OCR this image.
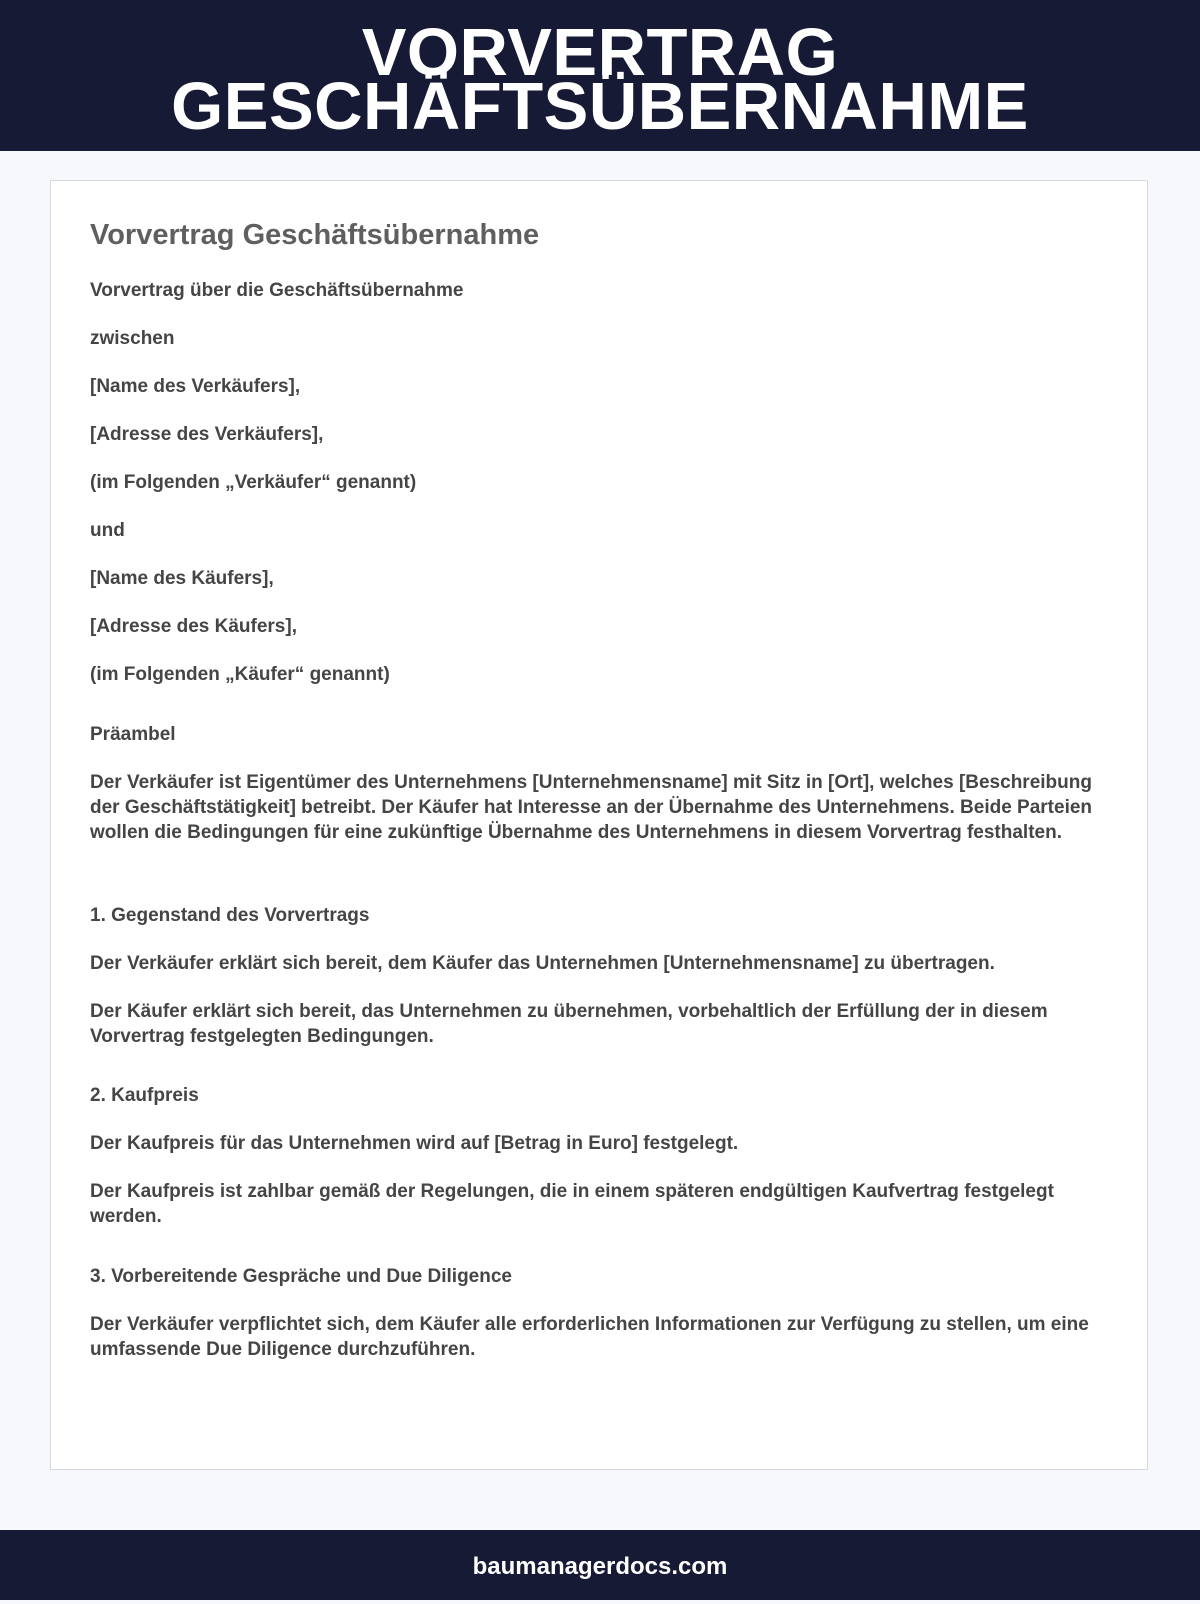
VORVERTRAG
GESCHÄFTSÜBERNAHME
Vorvertrag Geschäftsübernahme

Vorvertrag über die Geschäftsübernahme

zwischen

[Name des Verkäufers],

[Adresse des Verkäufers],

(im Folgenden „Verkäufer“ genannt)

und

[Name des Käufers],

[Adresse des Käufers],

(im Folgenden „Käufer“ genannt)

Präambel

Der Verkäufer ist Eigentümer des Unternehmens [Unternehmensname] mit Sitz in [Ort], welches [Beschreibung der Geschäftstätigkeit] betreibt. Der Käufer hat Interesse an der Übernahme des Unternehmens. Beide Parteien wollen die Bedingungen für eine zukünftige Übernahme des Unternehmens in diesem Vorvertrag festhalten.

1. Gegenstand des Vorvertrags

Der Verkäufer erklärt sich bereit, dem Käufer das Unternehmen [Unternehmensname] zu übertragen.

Der Käufer erklärt sich bereit, das Unternehmen zu übernehmen, vorbehaltlich der Erfüllung der in diesem Vorvertrag festgelegten Bedingungen.

2. Kaufpreis

Der Kaufpreis für das Unternehmen wird auf [Betrag in Euro] festgelegt.

Der Kaufpreis ist zahlbar gemäß der Regelungen, die in einem späteren endgültigen Kaufvertrag festgelegt werden.

3. Vorbereitende Gespräche und Due Diligence

Der Verkäufer verpflichtet sich, dem Käufer alle erforderlichen Informationen zur Verfügung zu stellen, um eine umfassende Due Diligence durchzuführen.

baumanagerdocs.com
